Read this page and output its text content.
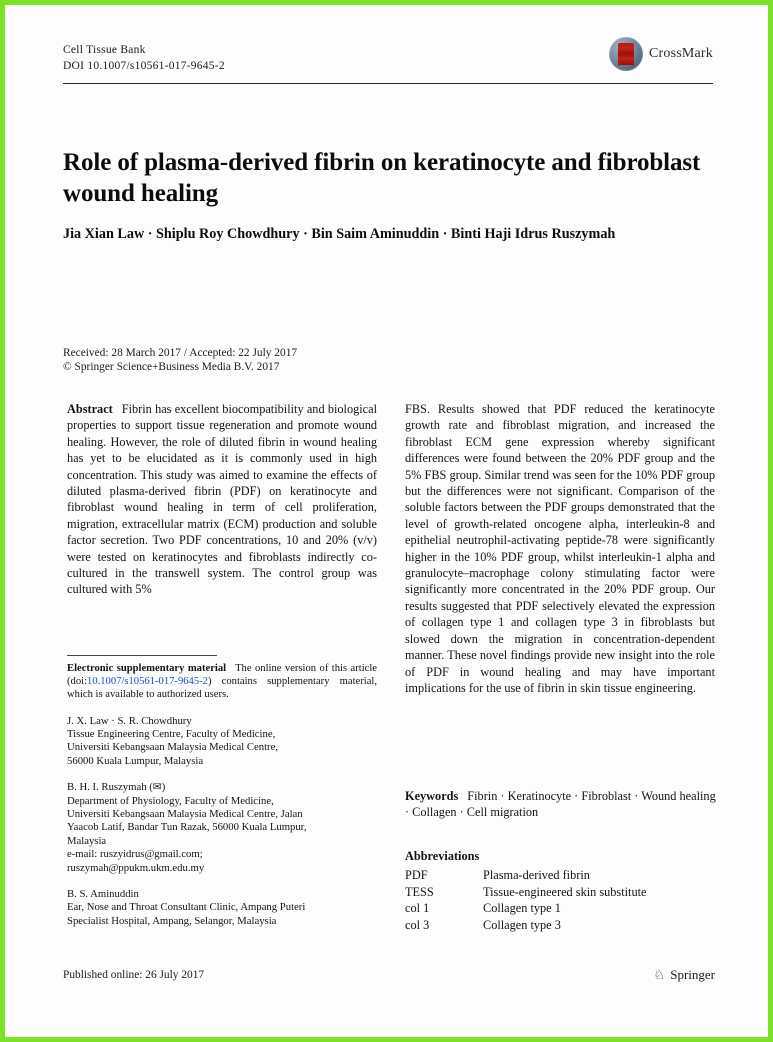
Cell Tissue Bank
DOI 10.1007/s10561-017-9645-2
CrossMark
Role of plasma-derived fibrin on keratinocyte and fibroblast wound healing
Jia Xian Law · Shiplu Roy Chowdhury · Bin Saim Aminuddin · Binti Haji Idrus Ruszymah
Received: 28 March 2017 / Accepted: 22 July 2017
© Springer Science+Business Media B.V. 2017

Abstract Fibrin has excellent biocompatibility and biological properties to support tissue regeneration and promote wound healing. However, the role of diluted fibrin in wound healing has yet to be elucidated as it is commonly used in high concentration. This study was aimed to examine the effects of diluted plasma-derived fibrin (PDF) on keratinocyte and fibroblast wound healing in term of cell proliferation, migration, extracellular matrix (ECM) production and soluble factor secretion. Two PDF concentrations, 10 and 20% (v/v) were tested on keratinocytes and fibroblasts indirectly co-cultured in the transwell system. The control group was cultured with 5%

FBS. Results showed that PDF reduced the keratinocyte growth rate and fibroblast migration, and increased the fibroblast ECM gene expression whereby significant differences were found between the 20% PDF group and the 5% FBS group. Similar trend was seen for the 10% PDF group but the differences were not significant. Comparison of the soluble factors between the PDF groups demonstrated that the level of growth-related oncogene alpha, interleukin-8 and epithelial neutrophil-activating peptide-78 were significantly higher in the 10% PDF group, whilst interleukin-1 alpha and granulocyte–macrophage colony stimulating factor were significantly more concentrated in the 20% PDF group. Our results suggested that PDF selectively elevated the expression of collagen type 1 and collagen type 3 in fibroblasts but slowed down the migration in concentration-dependent manner. These novel findings provide new insight into the role of PDF in wound healing and may have important implications for the use of fibrin in skin tissue engineering.

Electronic supplementary material The online version of this article (doi:10.1007/s10561-017-9645-2) contains supplementary material, which is available to authorized users.
J. X. Law · S. R. Chowdhury
Tissue Engineering Centre, Faculty of Medicine,
Universiti Kebangsaan Malaysia Medical Centre,
56000 Kuala Lumpur, Malaysia
B. H. I. Ruszymah (✉)
Department of Physiology, Faculty of Medicine,
Universiti Kebangsaan Malaysia Medical Centre, Jalan
Yaacob Latif, Bandar Tun Razak, 56000 Kuala Lumpur,
Malaysia
e-mail: ruszyidrus@gmail.com;
ruszymah@ppukm.ukm.edu.my
B. S. Aminuddin
Ear, Nose and Throat Consultant Clinic, Ampang Puteri
Specialist Hospital, Ampang, Selangor, Malaysia
Keywords Fibrin · Keratinocyte · Fibroblast · Wound healing · Collagen · Cell migration
Abbreviations
PDF	Plasma-derived fibrin
TESS	Tissue-engineered skin substitute
col 1	Collagen type 1
col 3	Collagen type 3
Published online: 26 July 2017	♘ Springer
